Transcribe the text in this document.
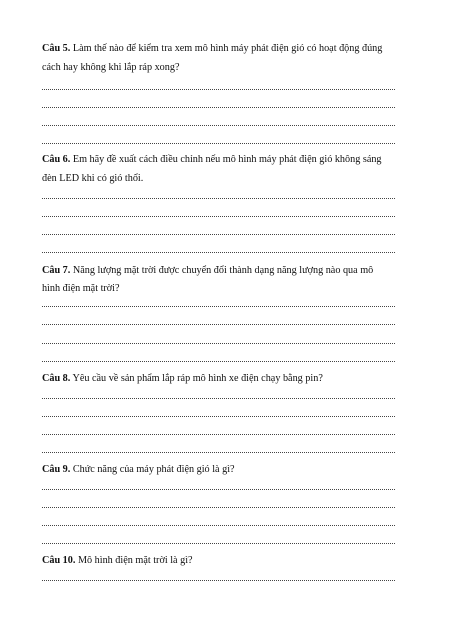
Câu 5. Làm thế nào để kiểm tra xem mô hình máy phát điện gió có hoạt động đúng
cách hay không khi lắp ráp xong?
Câu 6. Em hãy đề xuất cách điều chỉnh nếu mô hình máy phát điện gió không sáng
đèn LED khi có gió thổi.
Câu 7. Năng lượng mặt trời được chuyển đổi thành dạng năng lượng nào qua mô
hình điện mặt trời?
Câu 8. Yêu cầu về sản phẩm lắp ráp mô hình xe điện chạy bằng pin?
Câu 9. Chức năng của máy phát điện gió là gì?
Câu 10. Mô hình điện mặt trời là gì?
